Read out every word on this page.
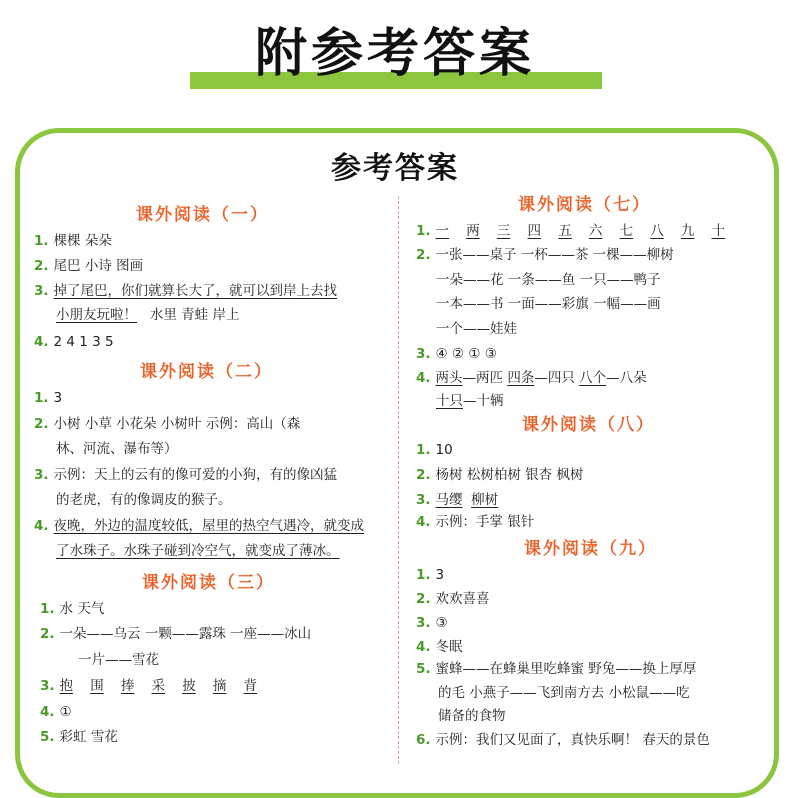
附参考答案
参考答案
课外阅读（一）
1. 棵棵 朵朵
2. 尾巴 小诗 图画
3. 掉了尾巴，你们就算长大了，就可以到岸上去找
小朋友玩啦！ 水里 青蛙 岸上
4. 2 4 1 3 5
课外阅读（二）
1. 3
2. 小树 小草 小花朵 小树叶 示例：高山（森
林、河流、瀑布等）
3. 示例：天上的云有的像可爱的小狗，有的像凶猛
的老虎，有的像调皮的猴子。
4. 夜晚，外边的温度较低，屋里的热空气遇冷，就变成
了水珠子。水珠子碰到冷空气，就变成了薄冰。
课外阅读（三）
1. 水 天气
2. 一朵——乌云 一颗——露珠 一座——冰山
一片——雪花
3. 抱 围 捧 采 披 摘 背
4. ①
5. 彩虹 雪花
课外阅读（七）
1. 一 两 三 四 五 六 七 八 九 十
2. 一张——桌子 一杯——茶 一棵——柳树
一朵——花 一条——鱼 一只——鸭子
一本——书 一面——彩旗 一幅——画
一个——娃娃
3. ④ ② ① ③
4. 两头—两匹 四条—四只 八个—八朵
十只—十辆
课外阅读（八）
1. 10
2. 杨树 松树柏树 银杏 枫树
3. 马缨 柳树
4. 示例：手掌 银针
课外阅读（九）
1. 3
2. 欢欢喜喜
3. ③
4. 冬眠
5. 蜜蜂——在蜂巢里吃蜂蜜 野兔——换上厚厚
的毛 小燕子——飞到南方去 小松鼠——吃
储备的食物
6. 示例：我们又见面了，真快乐啊！ 春天的景色
